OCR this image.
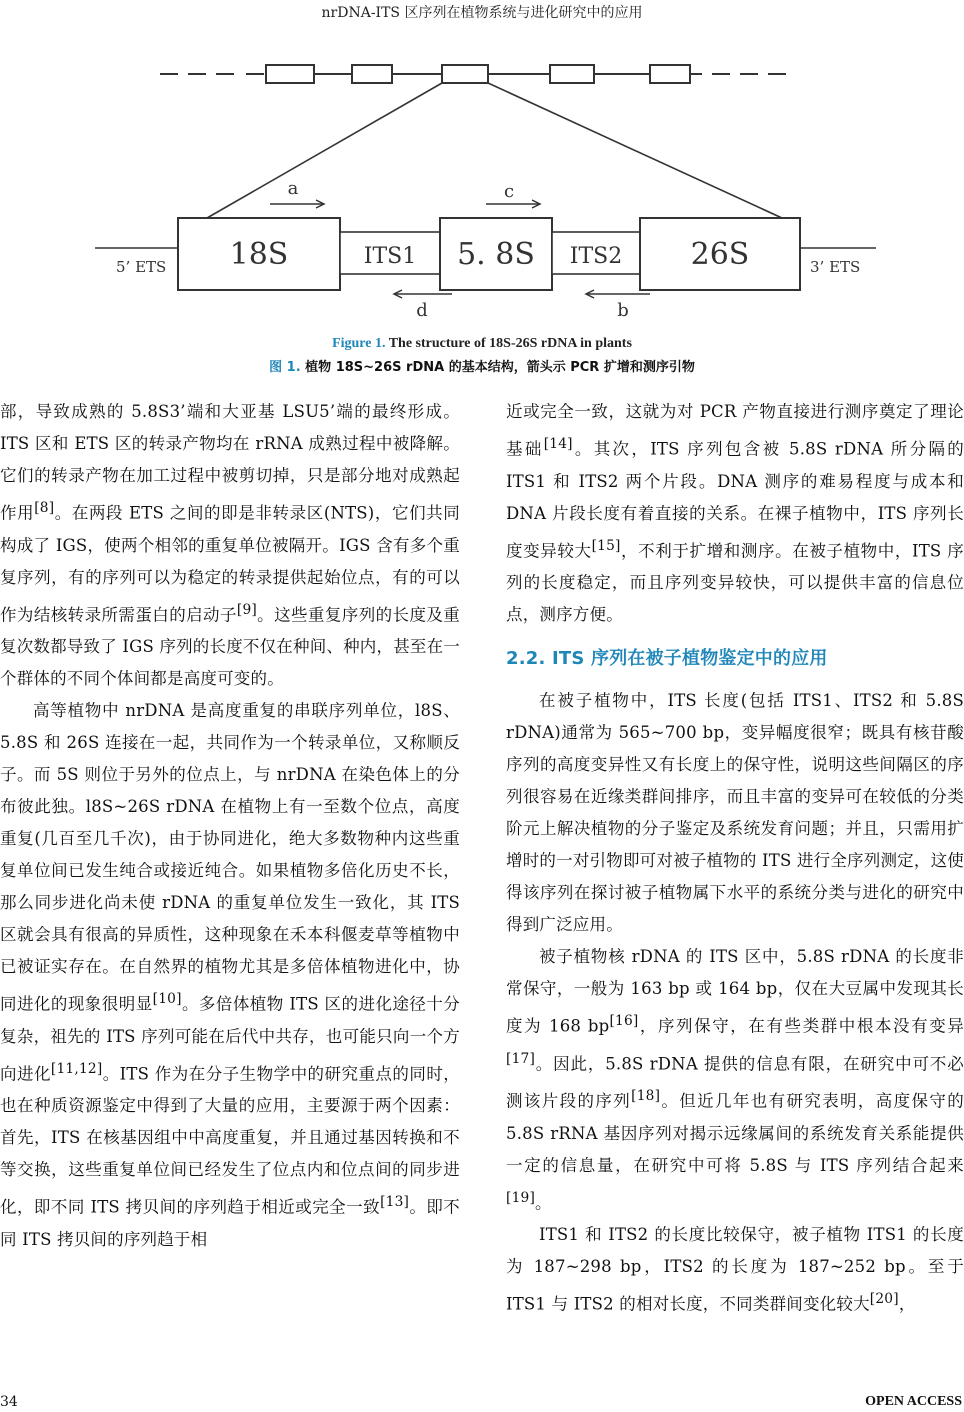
nrDNA-ITS 区序列在植物系统与进化研究中的应用
18S	ITS1 5. 8S ITS2 26S
5’ ETS	3’ ETS
a	c
d	b
Figure 1. The structure of 18S-26S rDNA in plants
图 1. 植物 18S~26S rDNA 的基本结构，箭头示 PCR 扩增和测序引物

部，导致成熟的 5.8S3’端和大亚基 LSU5’端的最终形成。ITS 区和 ETS 区的转录产物均在 rRNA 成熟过程中被降解。它们的转录产物在加工过程中被剪切掉，只是部分地对成熟起作用[8]。在两段 ETS 之间的即是非转录区(NTS)，它们共同构成了 IGS，使两个相邻的重复单位被隔开。IGS 含有多个重复序列，有的序列可以为稳定的转录提供起始位点，有的可以作为结核转录所需蛋白的启动子[9]。这些重复序列的长度及重复次数都导致了 IGS 序列的长度不仅在种间、种内，甚至在一个群体的不同个体间都是高度可变的。

高等植物中 nrDNA 是高度重复的串联序列单位，l8S、5.8S 和 26S 连接在一起，共同作为一个转录单位，又称顺反子。而 5S 则位于另外的位点上，与 nrDNA 在染色体上的分布彼此独。l8S~26S rDNA 在植物上有一至数个位点，高度重复(几百至几千次)，由于协同进化，绝大多数物种内这些重复单位间已发生纯合或接近纯合。如果植物多倍化历史不长，那么同步进化尚未使 rDNA 的重复单位发生一致化，其 ITS 区就会具有很高的异质性，这种现象在禾本科偃麦草等植物中已被证实存在。在自然界的植物尤其是多倍体植物进化中，协同进化的现象很明显[10]。多倍体植物 ITS 区的进化途径十分复杂，祖先的 ITS 序列可能在后代中共存，也可能只向一个方向进化[11,12]。ITS 作为在分子生物学中的研究重点的同时，也在种质资源鉴定中得到了大量的应用，主要源于两个因素：首先，ITS 在核基因组中中高度重复，并且通过基因转换和不等交换，这些重复单位间已经发生了位点内和位点间的同步进化，即不同 ITS 拷贝间的序列趋于相近或完全一致[13]。即不同 ITS 拷贝间的序列趋于相

近或完全一致，这就为对 PCR 产物直接进行测序奠定了理论基础[14]。其次，ITS 序列包含被 5.8S rDNA 所分隔的 ITS1 和 ITS2 两个片段。DNA 测序的难易程度与成本和 DNA 片段长度有着直接的关系。在裸子植物中，ITS 序列长度变异较大[15]，不利于扩增和测序。在被子植物中，ITS 序列的长度稳定，而且序列变异较快，可以提供丰富的信息位点，测序方便。

2.2. ITS 序列在被子植物鉴定中的应用

在被子植物中，ITS 长度(包括 ITS1、ITS2 和 5.8S rDNA)通常为 565~700 bp，变异幅度很窄；既具有核苷酸序列的高度变异性又有长度上的保守性，说明这些间隔区的序列很容易在近缘类群间排序，而且丰富的变异可在较低的分类阶元上解决植物的分子鉴定及系统发育问题；并且，只需用扩增时的一对引物即可对被子植物的 ITS 进行全序列测定，这使得该序列在探讨被子植物属下水平的系统分类与进化的研究中得到广泛应用。

被子植物核 rDNA 的 ITS 区中，5.8S rDNA 的长度非常保守，一般为 163 bp 或 164 bp，仅在大豆属中发现其长度为 168 bp[16]，序列保守，在有些类群中根本没有变异[17]。因此，5.8S rDNA 提供的信息有限，在研究中可不必测该片段的序列[18]。但近几年也有研究表明，高度保守的 5.8S rRNA 基因序列对揭示远缘属间的系统发育关系能提供一定的信息量，在研究中可将 5.8S 与 ITS 序列结合起来[19]。

ITS1 和 ITS2 的长度比较保守，被子植物 ITS1 的长度为 187~298 bp，ITS2 的长度为 187~252 bp。至于 ITS1 与 ITS2 的相对长度，不同类群间变化较大[20]，

34	OPEN ACCESS
